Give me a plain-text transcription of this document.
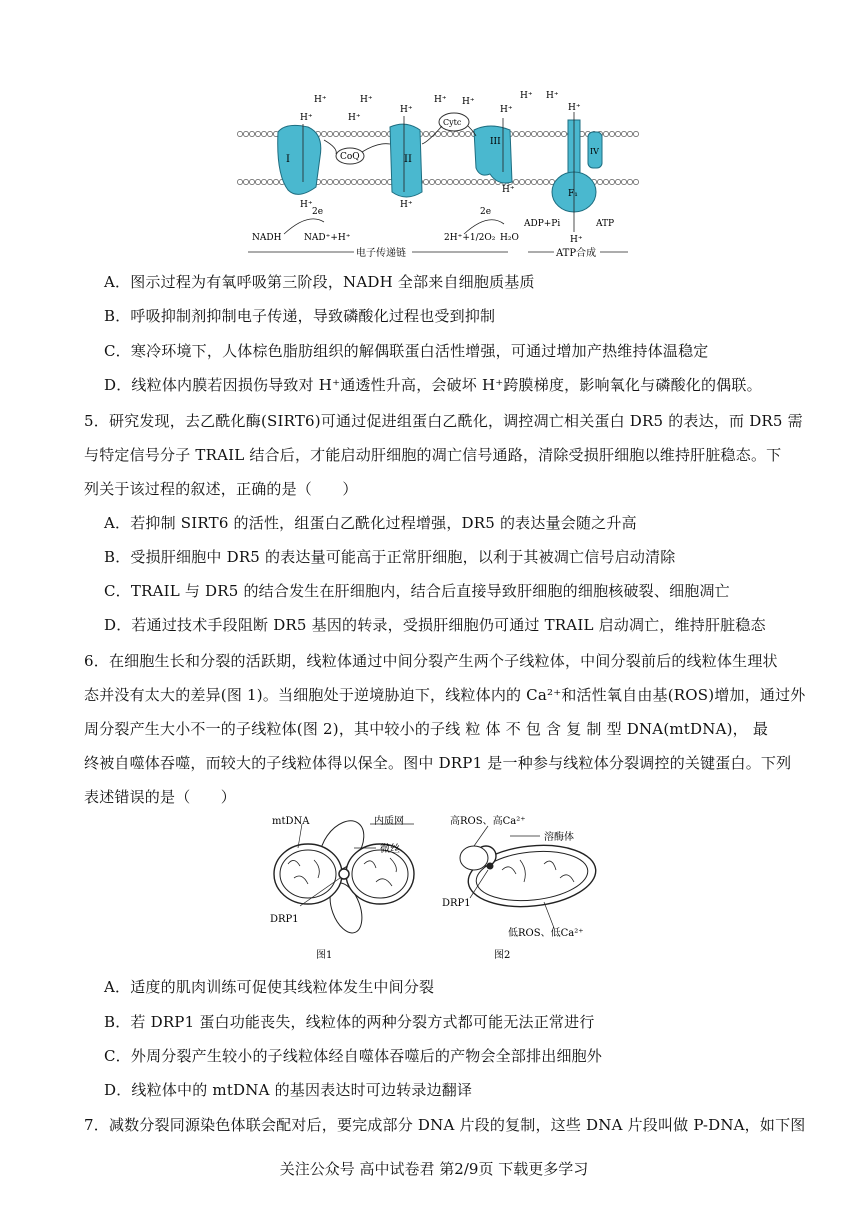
I	CoQ	II
Cytc
III
IV
F₁
H⁺	H⁺
H⁺
H⁺
H⁺ H⁺
H⁺ H⁺
H⁺
H⁺	H⁺
H⁺
H⁺
H⁺
2e
NADH	NAD⁺+H⁺
2e
2H⁺+1/2O₂ H₂O
ADP+Pi	ATP
H⁺
电子传递链	ATP合成
A．图示过程为有氧呼吸第三阶段，NADH 全部来自细胞质基质
B．呼吸抑制剂抑制电子传递，导致磷酸化过程也受到抑制
C．寒冷环境下，人体棕色脂肪组织的解偶联蛋白活性增强，可通过增加产热维持体温稳定
D．线粒体内膜若因损伤导致对 H⁺通透性升高，会破坏 H⁺跨膜梯度，影响氧化与磷酸化的偶联。
5．研究发现，去乙酰化酶(SIRT6)可通过促进组蛋白乙酰化，调控凋亡相关蛋白 DR5 的表达，而 DR5 需
与特定信号分子 TRAIL 结合后，才能启动肝细胞的凋亡信号通路，清除受损肝细胞以维持肝脏稳态。下
列关于该过程的叙述，正确的是（　　）
A．若抑制 SIRT6 的活性，组蛋白乙酰化过程增强，DR5 的表达量会随之升高
B．受损肝细胞中 DR5 的表达量可能高于正常肝细胞，以利于其被凋亡信号启动清除
C．TRAIL 与 DR5 的结合发生在肝细胞内，结合后直接导致肝细胞的细胞核破裂、细胞凋亡
D．若通过技术手段阻断 DR5 基因的转录，受损肝细胞仍可通过 TRAIL 启动凋亡，维持肝脏稳态
6．在细胞生长和分裂的活跃期，线粒体通过中间分裂产生两个子线粒体，中间分裂前后的线粒体生理状
态并没有太大的差异(图 1)。当细胞处于逆境胁迫下，线粒体内的 Ca²⁺和活性氧自由基(ROS)增加，通过外
周分裂产生大小不一的子线粒体(图 2)，其中较小的子线 粒 体 不 包 含 复 制 型 DNA(mtDNA)， 最
终被自噬体吞噬，而较大的子线粒体得以保全。图中 DRP1 是一种参与线粒体分裂调控的关键蛋白。下列
表述错误的是（　　）
mtDNA	内质网
微丝
DRP1
图1
高ROS、高Ca²⁺
溶酶体
DRP1
低ROS、低Ca²⁺
图2
A．适度的肌肉训练可促使其线粒体发生中间分裂
B．若 DRP1 蛋白功能丧失，线粒体的两种分裂方式都可能无法正常进行
C．外周分裂产生较小的子线粒体经自噬体吞噬后的产物会全部排出细胞外
D．线粒体中的 mtDNA 的基因表达时可边转录边翻译
7．减数分裂同源染色体联会配对后，要完成部分 DNA 片段的复制，这些 DNA 片段叫做 P-DNA，如下图
关注公众号 高中试卷君 第2/9页 下载更多学习
